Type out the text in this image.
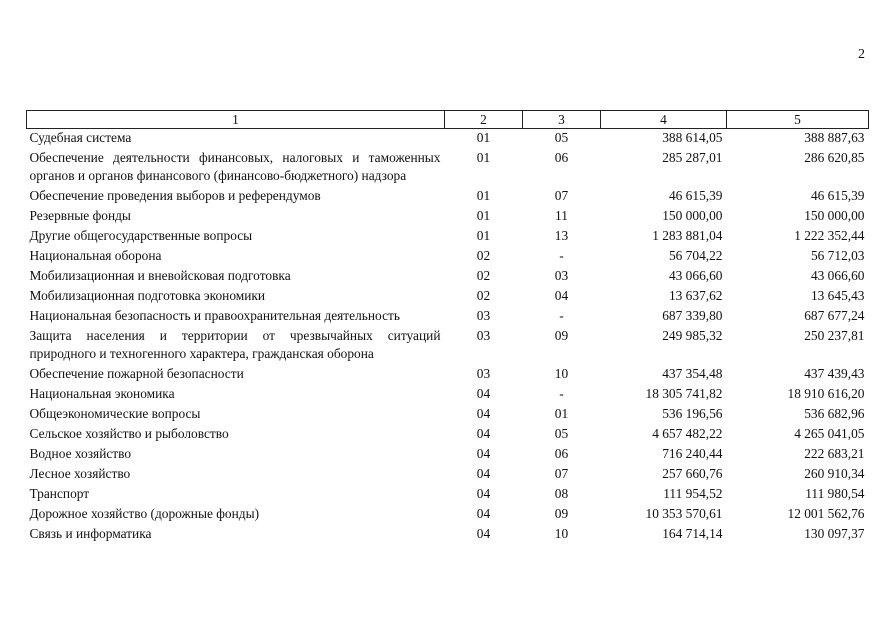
2
1	2	3	4	5
Судебная система	01	05	388 614,05	388 887,63
Обеспечение деятельности финансовых, налоговых и таможенных органов и органов финансового (финансово-бюджетного) надзора	01	06	285 287,01	286 620,85
Обеспечение проведения выборов и референдумов	01	07	46 615,39	46 615,39
Резервные фонды	01	11	150 000,00	150 000,00
Другие общегосударственные вопросы	01	13	1 283 881,04	1 222 352,44
Национальная оборона	02	-	56 704,22	56 712,03
Мобилизационная и вневойсковая подготовка	02	03	43 066,60	43 066,60
Мобилизационная подготовка экономики	02	04	13 637,62	13 645,43
Национальная безопасность и правоохранительная деятельность	03	-	687 339,80	687 677,24
Защита населения и территории от чрезвычайных ситуаций природного и техногенного характера, гражданская оборона	03	09	249 985,32	250 237,81
Обеспечение пожарной безопасности	03	10	437 354,48	437 439,43
Национальная экономика	04	-	18 305 741,82	18 910 616,20
Общеэкономические вопросы	04	01	536 196,56	536 682,96
Сельское хозяйство и рыболовство	04	05	4 657 482,22	4 265 041,05
Водное хозяйство	04	06	716 240,44	222 683,21
Лесное хозяйство	04	07	257 660,76	260 910,34
Транспорт	04	08	111 954,52	111 980,54
Дорожное хозяйство (дорожные фонды)	04	09	10 353 570,61	12 001 562,76
Связь и информатика	04	10	164 714,14	130 097,37
